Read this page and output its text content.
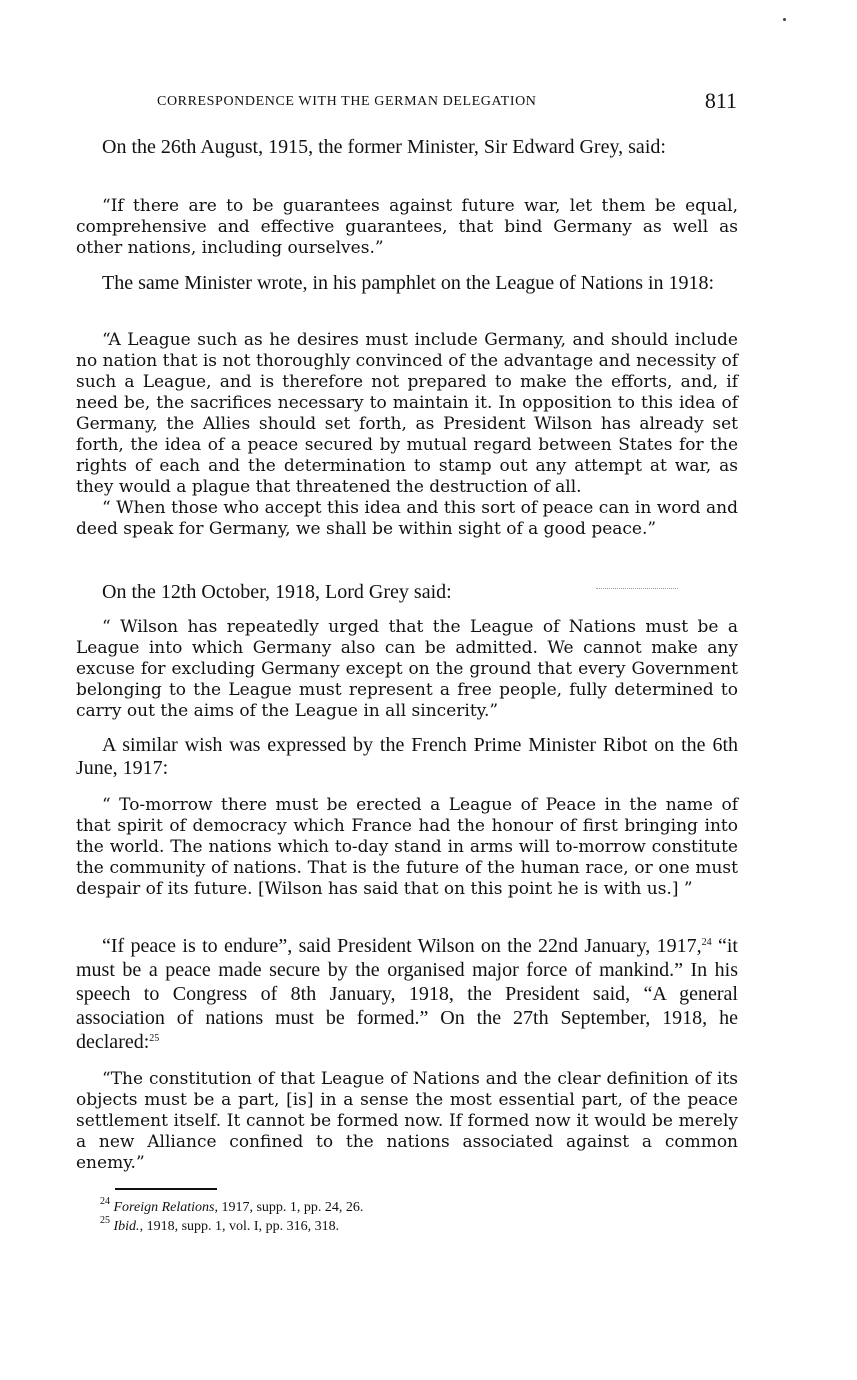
CORRESPONDENCE WITH THE GERMAN DELEGATION	811

On the 26th August, 1915, the former Minister, Sir Edward Grey, said:

“If there are to be guarantees against future war, let them be equal, comprehensive and effective guarantees, that bind Germany as well as other nations, including ourselves.”

The same Minister wrote, in his pamphlet on the League of Nations in 1918:

“A League such as he desires must include Germany, and should include no nation that is not thoroughly convinced of the advantage and necessity of such a League, and is therefore not prepared to make the efforts, and, if need be, the sacrifices necessary to maintain it. In opposition to this idea of Germany, the Allies should set forth, as President Wilson has already set forth, the idea of a peace secured by mutual regard between States for the rights of each and the determination to stamp out any attempt at war, as they would a plague that threatened the destruction of all.
“ When those who accept this idea and this sort of peace can in word and deed speak for Germany, we shall be within sight of a good peace.”

On the 12th October, 1918, Lord Grey said:

“ Wilson has repeatedly urged that the League of Nations must be a League into which Germany also can be admitted. We cannot make any excuse for excluding Germany except on the ground that every Government belonging to the League must represent a free people, fully determined to carry out the aims of the League in all sincerity.”

A similar wish was expressed by the French Prime Minister Ribot on the 6th June, 1917:

“ To-morrow there must be erected a League of Peace in the name of that spirit of democracy which France had the honour of first bringing into the world. The nations which to-day stand in arms will to-morrow constitute the community of nations. That is the future of the human race, or one must despair of its future. [Wilson has said that on this point he is with us.] ”

“If peace is to endure”, said President Wilson on the 22nd January, 1917,24 “it must be a peace made secure by the organised major force of mankind.” In his speech to Congress of 8th January, 1918, the President said, “A general association of nations must be formed.” On the 27th September, 1918, he declared:$^{25}$

“The constitution of that League of Nations and the clear definition of its objects must be a part, [is] in a sense the most essential part, of the peace settlement itself. It cannot be formed now. If formed now it would be merely a new Alliance confined to the nations associated against a common enemy.”

$^{24}$ Foreign Relations, 1917, supp. 1, pp. 24, 26.

$^{25}$ Ibid., 1918, supp. 1, vol. I, pp. 316, 318.
